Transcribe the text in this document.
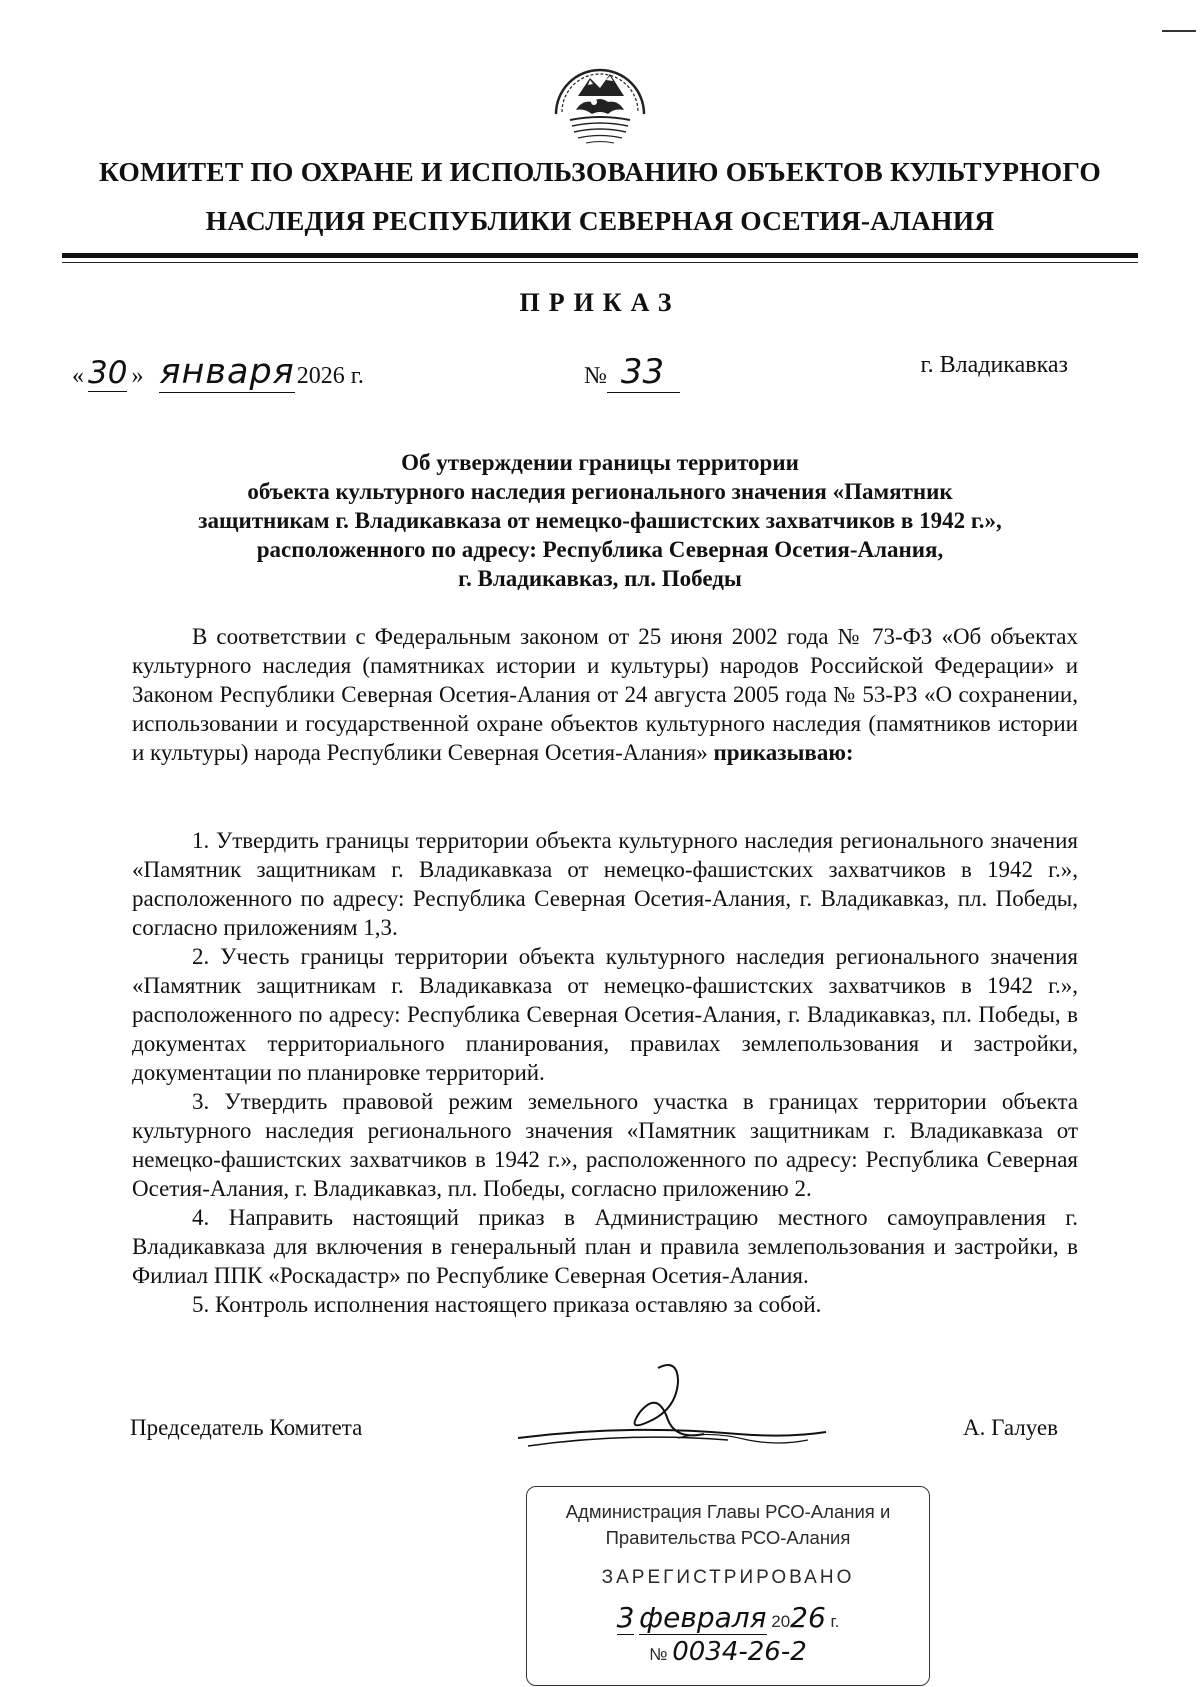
КОМИТЕТ ПО ОХРАНЕ И ИСПОЛЬЗОВАНИЮ ОБЪЕКТОВ КУЛЬТУРНОГО
НАСЛЕДИЯ РЕСПУБЛИКИ СЕВЕРНАЯ ОСЕТИЯ-АЛАНИЯ
ПРИКАЗ
« 30 » января2026 г.	№ 33	г. Владикавказ
Об утверждении границы территории
объекта культурного наследия регионального значения «Памятник
защитникам г. Владикавказа от немецко-фашистских захватчиков в 1942 г.»,
расположенного по адресу: Республика Северная Осетия-Алания,
г. Владикавказ, пл. Победы
В соответствии с Федеральным законом от 25 июня 2002 года № 73-ФЗ «Об объектах культурного наследия (памятниках истории и культуры) народов Российской Федерации» и Законом Республики Северная Осетия-Алания от 24 августа 2005 года № 53-РЗ «О сохранении, использовании и государственной охране объектов культурного наследия (памятников истории и культуры) народа Республики Северная Осетия-Алания» приказываю:
1. Утвердить границы территории объекта культурного наследия регионального значения «Памятник защитникам г. Владикавказа от немецко-фашистских захватчиков в 1942 г.», расположенного по адресу: Республика Северная Осетия-Алания, г. Владикавказ, пл. Победы, согласно приложениям 1,3.
2. Учесть границы территории объекта культурного наследия регионального значения «Памятник защитникам г. Владикавказа от немецко-фашистских захватчиков в 1942 г.», расположенного по адресу: Республика Северная Осетия-Алания, г. Владикавказ, пл. Победы, в документах территориального планирования, правилах землепользования и застройки, документации по планировке территорий.
3. Утвердить правовой режим земельного участка в границах территории объекта культурного наследия регионального значения «Памятник защитникам г. Владикавказа от немецко-фашистских захватчиков в 1942 г.», расположенного по адресу: Республика Северная Осетия-Алания, г. Владикавказ, пл. Победы, согласно приложению 2.
4. Направить настоящий приказ в Администрацию местного самоуправления г. Владикавказа для включения в генеральный план и правила землепользования и застройки, в Филиал ППК «Роскадастр» по Республике Северная Осетия-Алания.
5. Контроль исполнения настоящего приказа оставляю за собой.
Председатель Комитета	А. Галуев
Администрация Главы РСО-Алания и
Правительства РСО-Алания
ЗАРЕГИСТРИРОВАНО
3 февраля 2026 г.
№ 0034-26-2
